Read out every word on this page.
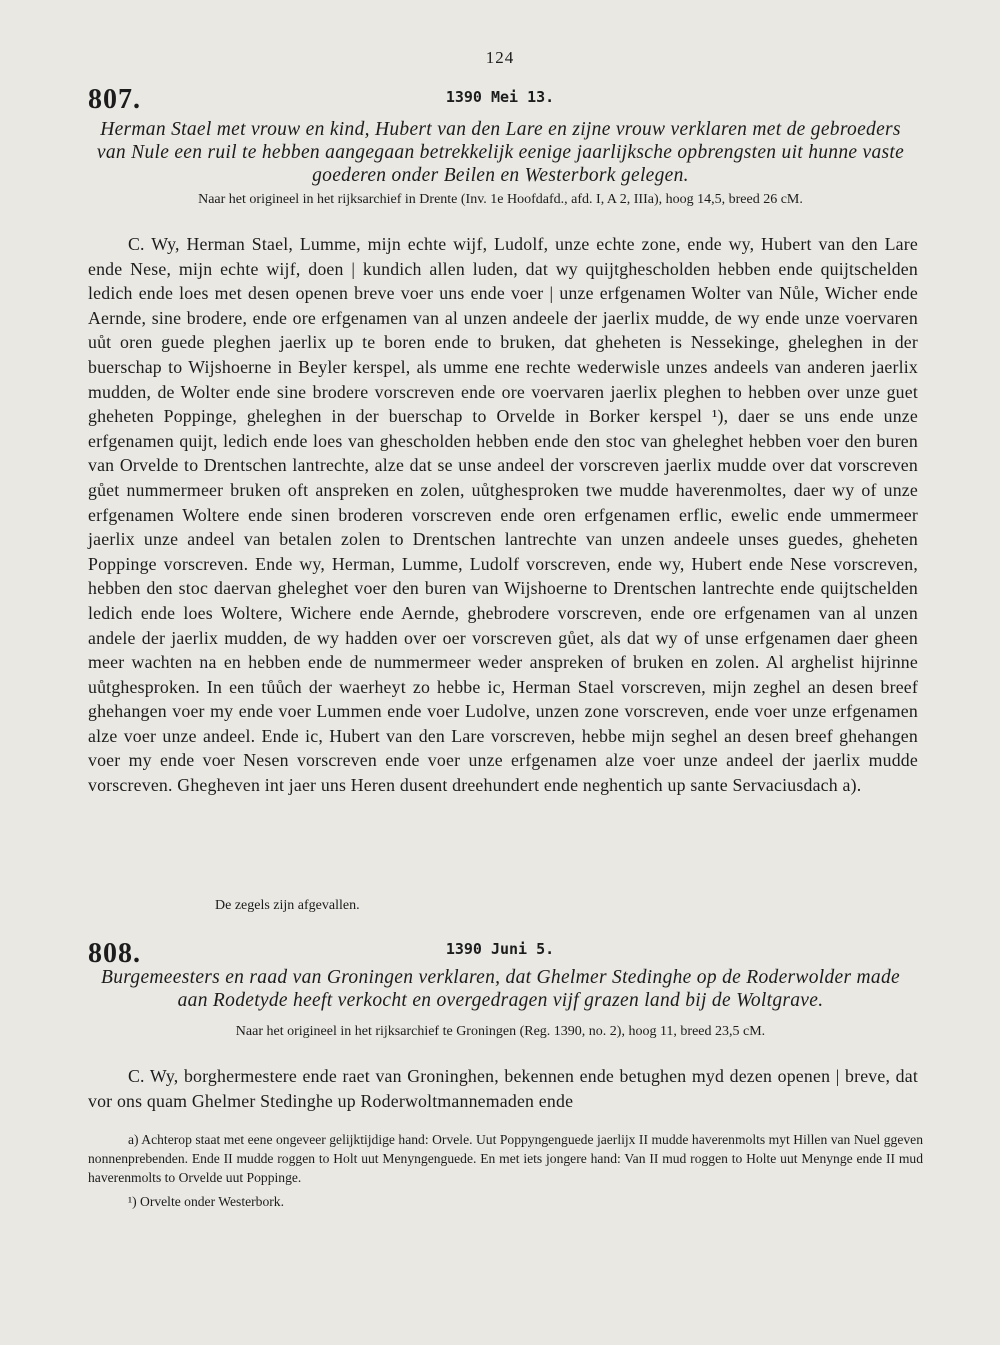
124
807.	1390 Mei 13.
Herman Stael met vrouw en kind, Hubert van den Lare en zijne vrouw verklaren met de gebroeders van Nule een ruil te hebben aangegaan betrekkelijk eenige jaarlijksche opbrengsten uit hunne vaste goederen onder Beilen en Westerbork gelegen.
Naar het origineel in het rijksarchief in Drente (Inv. 1e Hoofdafd., afd. I, A 2, IIIa), hoog 14,5, breed 26 cM.

C. Wy, Herman Stael, Lumme, mijn echte wijf, Ludolf, unze echte zone, ende wy, Hubert van den Lare ende Nese, mijn echte wijf, doen | kundich allen luden, dat wy quijtghescholden hebben ende quijtschelden ledich ende loes met desen openen breve voer uns ende voer | unze erfgenamen Wolter van Nůle, Wicher ende Aernde, sine brodere, ende ore erfgenamen van al unzen andeele der jaerlix mudde, de wy ende unze voervaren uůt oren guede pleghen jaerlix up te boren ende to bruken, dat gheheten is Nessekinge, gheleghen in der buerschap to Wijshoerne in Beyler kerspel, als umme ene rechte wederwisle unzes andeels van anderen jaerlix mudden, de Wolter ende sine brodere vorscreven ende ore voervaren jaerlix pleghen to hebben over unze guet gheheten Poppinge, gheleghen in der buerschap to Orvelde in Borker kerspel ¹), daer se uns ende unze erfgenamen quijt, ledich ende loes van ghescholden hebben ende den stoc van gheleghet hebben voer den buren van Orvelde to Drentschen lantrechte, alze dat se unse andeel der vorscreven jaerlix mudde over dat vorscreven gůet nummermeer bruken oft anspreken en zolen, uůtghesproken twe mudde haverenmoltes, daer wy of unze erfgenamen Woltere ende sinen broderen vorscreven ende oren erfgenamen erflic, ewelic ende ummermeer jaerlix unze andeel van betalen zolen to Drentschen lantrechte van unzen andeele unses guedes, gheheten Poppinge vorscreven. Ende wy, Herman, Lumme, Ludolf vorscreven, ende wy, Hubert ende Nese vorscreven, hebben den stoc daervan gheleghet voer den buren van Wijshoerne to Drentschen lantrechte ende quijtschelden ledich ende loes Woltere, Wichere ende Aernde, ghebrodere vorscreven, ende ore erfgenamen van al unzen andele der jaerlix mudden, de wy hadden over oer vorscreven gůet, als dat wy of unse erfgenamen daer gheen meer wachten na en hebben ende de nummermeer weder anspreken of bruken en zolen. Al arghelist hijrinne uůtghesproken. In een tůůch der waerheyt zo hebbe ic, Herman Stael vorscreven, mijn zeghel an desen breef ghehangen voer my ende voer Lummen ende voer Ludolve, unzen zone vorscreven, ende voer unze erfgenamen alze voer unze andeel. Ende ic, Hubert van den Lare vorscreven, hebbe mijn seghel an desen breef ghehangen voer my ende voer Nesen vorscreven ende voer unze erfgenamen alze voer unze andeel der jaerlix mudde vorscreven. Ghegheven int jaer uns Heren dusent dreehundert ende neghentich up sante Servaciusdach a).

De zegels zijn afgevallen.
808.	1390 Juni 5.
Burgemeesters en raad van Groningen verklaren, dat Ghelmer Stedinghe op de Roderwolder made aan Rodetyde heeft verkocht en overgedragen vijf grazen land bij de Woltgrave.
Naar het origineel in het rijksarchief te Groningen (Reg. 1390, no. 2), hoog 11, breed 23,5 cM.

C. Wy, borghermestere ende raet van Groninghen, bekennen ende betughen myd dezen openen | breve, dat vor ons quam Ghelmer Stedinghe up Roderwoltmannemaden ende

a) Achterop staat met eene ongeveer gelijktijdige hand: Orvele. Uut Poppyngenguede jaerlijx II mudde haverenmolts myt Hillen van Nuel ggeven nonnenprebenden. Ende II mudde roggen to Holt uut Menyngenguede. En met iets jongere hand: Van II mud roggen to Holte uut Menynge ende II mud haverenmolts to Orvelde uut Poppinge.

¹) Orvelte onder Westerbork.
